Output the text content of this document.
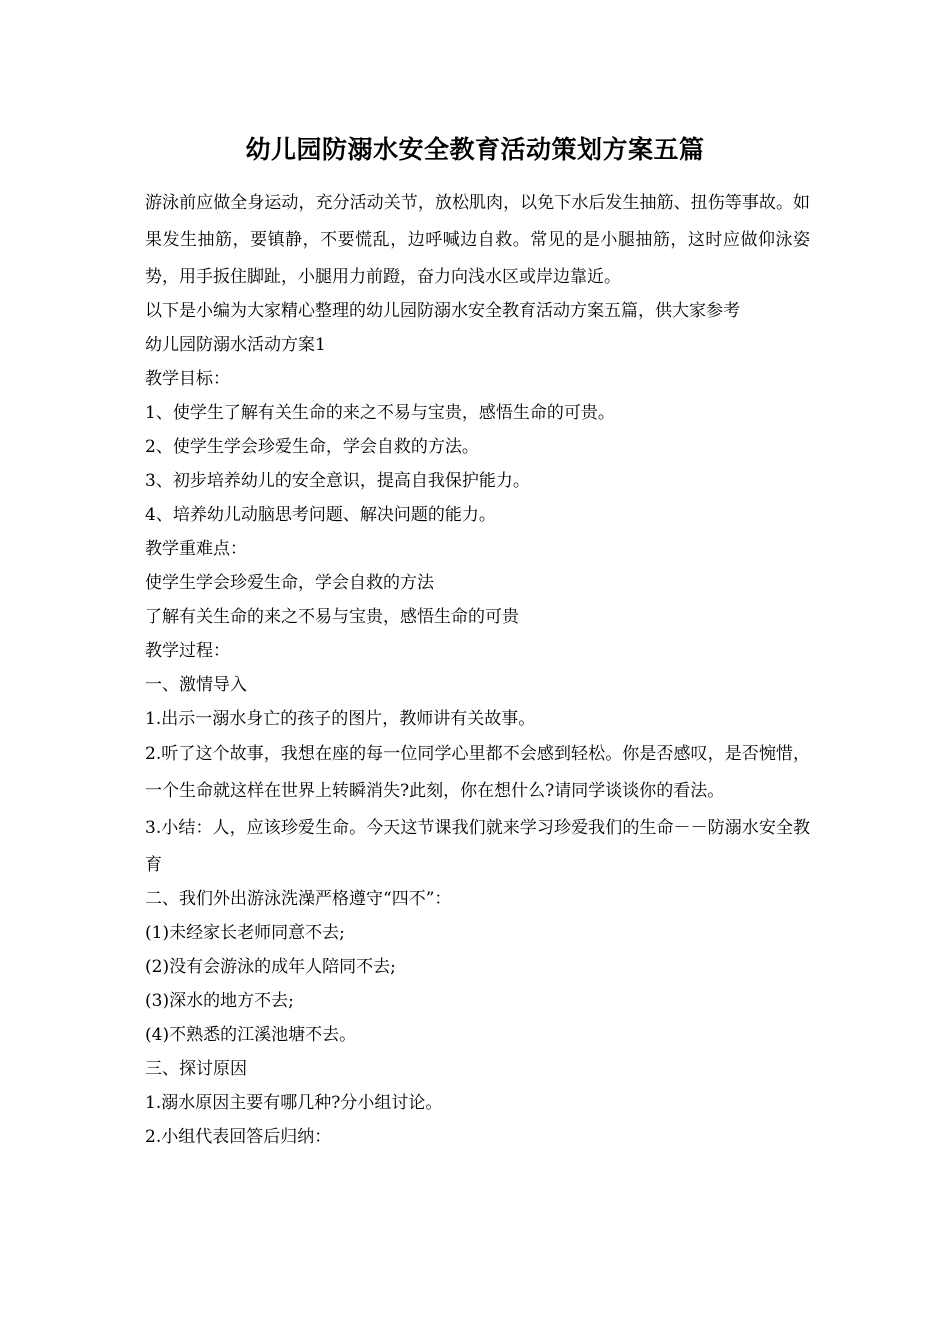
幼儿园防溺水安全教育活动策划方案五篇

游泳前应做全身运动，充分活动关节，放松肌肉，以免下水后发生抽筋、扭伤等事故。如果发生抽筋，要镇静，不要慌乱，边呼喊边自救。常见的是小腿抽筋，这时应做仰泳姿势，用手扳住脚趾，小腿用力前蹬，奋力向浅水区或岸边靠近。

以下是小编为大家精心整理的幼儿园防溺水安全教育活动方案五篇，供大家参考

幼儿园防溺水活动方案1

教学目标：

1、使学生了解有关生命的来之不易与宝贵，感悟生命的可贵。

2、使学生学会珍爱生命，学会自救的方法。

3、初步培养幼儿的安全意识，提高自我保护能力。

4、培养幼儿动脑思考问题、解决问题的能力。

教学重难点：

使学生学会珍爱生命，学会自救的方法

了解有关生命的来之不易与宝贵，感悟生命的可贵

教学过程：

一、激情导入

1.出示一溺水身亡的孩子的图片，教师讲有关故事。

2.听了这个故事，我想在座的每一位同学心里都不会感到轻松。你是否感叹，是否惋惜，一个生命就这样在世界上转瞬消失?此刻，你在想什么?请同学谈谈你的看法。

3.小结：人，应该珍爱生命。今天这节课我们就来学习珍爱我们的生命－－防溺水安全教育

二、我们外出游泳洗澡严格遵守“四不”：

(1)未经家长老师同意不去;

(2)没有会游泳的成年人陪同不去;

(3)深水的地方不去;

(4)不熟悉的江溪池塘不去。

三、探讨原因

1.溺水原因主要有哪几种?分小组讨论。

2.小组代表回答后归纳：
